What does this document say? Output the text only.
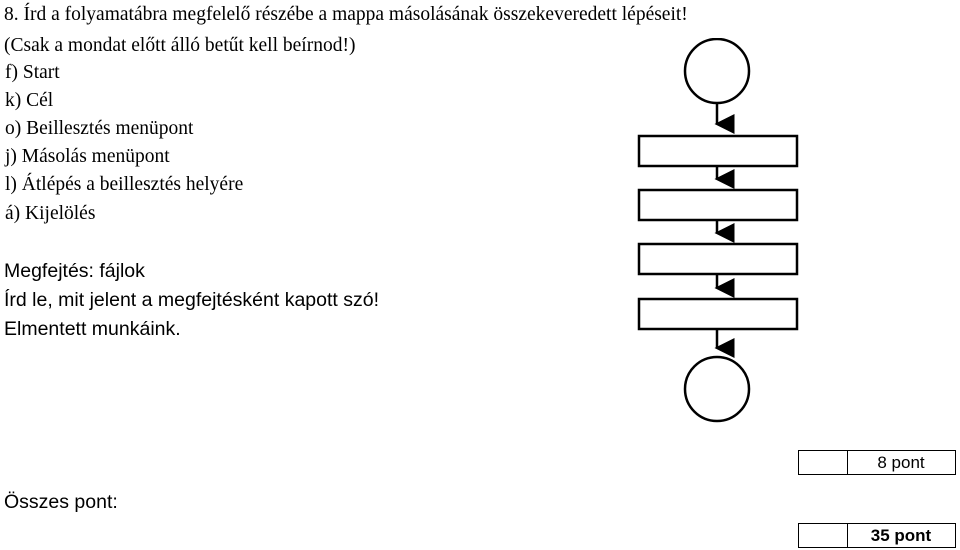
8. Írd a folyamatábra megfelelő részébe a mappa másolásának összekeveredett lépéseit!
(Csak a mondat előtt álló betűt kell beírnod!)
f) Start
k) Cél
o) Beillesztés menüpont
j) Másolás menüpont
l) Átlépés a beillesztés helyére
á) Kijelölés
Megfejtés: fájlok
Írd le, mit jelent a megfejtésként kapott szó!
Elmentett munkáink.
8 pont
Összes pont:
35 pont
